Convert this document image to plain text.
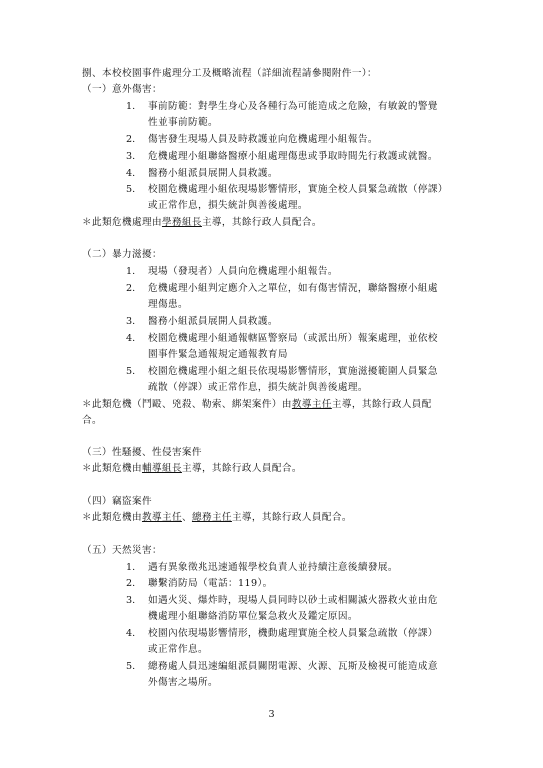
捌、本校校園事件處理分工及概略流程（詳細流程請參閱附件一）：
（一）意外傷害：
1. 事前防範：對學生身心及各種行為可能造成之危險，有敏銳的警覺
性並事前防範。
2. 傷害發生現場人員及時救護並向危機處理小組報告。
3. 危機處理小組聯絡醫療小組處理傷患或爭取時間先行救護或就醫。
4. 醫務小組派員展開人員救護。
5. 校園危機處理小組依現場影響情形，實施全校人員緊急疏散（停課）
或正常作息，損失統計與善後處理。
＊此類危機處理由學務組長主導，其餘行政人員配合。
（二）暴力滋擾：
1. 現場（發現者）人員向危機處理小組報告。
2. 危機處理小組判定應介入之單位，如有傷害情況，聯絡醫療小組處
理傷患。
3. 醫務小組派員展開人員救護。
4. 校園危機處理小組通報轄區警察局（或派出所）報案處理，並依校
園事件緊急通報規定通報教育局
5. 校園危機處理小組之組長依現場影響情形，實施滋擾範圍人員緊急
疏散（停課）或正常作息，損失統計與善後處理。
＊此類危機（鬥毆、兇殺、勒索、綁架案件）由教導主任主導，其餘行政人員配
合。
（三）性騷擾、性侵害案件
＊此類危機由輔導組長主導，其餘行政人員配合。
（四）竊盜案件
＊此類危機由教導主任、總務主任主導，其餘行政人員配合。
（五）天然災害：
1. 遇有異象徵兆迅速通報學校負責人並持續注意後續發展。
2. 聯繫消防局（電話：119）。
3. 如遇火災、爆炸時，現場人員同時以砂土或相關滅火器救火並由危
機處理小組聯絡消防單位緊急救火及鑑定原因。
4. 校園內依現場影響情形，機動處理實施全校人員緊急疏散（停課）
或正常作息。
5. 總務處人員迅速編組派員關閉電源、火源、瓦斯及檢視可能造成意
外傷害之場所。
3
